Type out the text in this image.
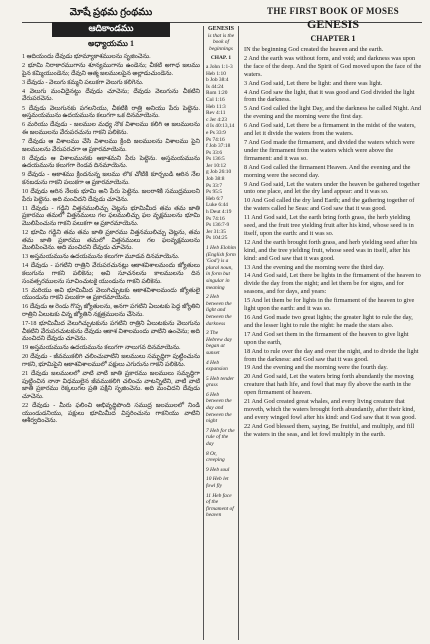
మోషే ప్రథమ గ్రంథము
ఆదికాండము
అధ్యాయము 1

1 ఆదియందు దేవుడు భూమ్యాకాశములను సృజించెను.

2 భూమి నిరాకారముగాను శూన్యముగాను ఉండెను; చీకటి అగాధ జలము పైన కమ్మియుండెను; దేవుని ఆత్మ జలములపైన అల్లాడుచుండెను.

3 దేవుడు - వెలుగు కమ్మని పలుకగా వెలుగు కలిగెను.

4 వెలుగు మంచిదైనట్టు దేవుడు చూచెను; దేవుడు వెలుగును చీకటిని వేరుపరచెను.

5 దేవుడు వెలుగునకు పగలనియు, చీకటికి రాత్రి అనియు పేరు పెట్టెను. అస్తమయమును ఉదయమును కలుగగా ఒక దినమాయెను.

6 మరియు దేవుడు - జలముల మధ్య నొక విశాలము కలిగి ఆ జలములను ఈ జలములను వేరుపరచును గాకని పలికెను.

7 దేవుడు ఆ విశాలము చేసి విశాలము క్రింది జలములను విశాలము పైని జలములను వేరుపరచగా ఆ ప్రకారమాయెను.

8 దేవుడు ఆ విశాలమునకు ఆకాశమని పేరు పెట్టెను. అస్తమయమును ఉదయమును కలుగగా రెండవ దినమాయెను.

9 దేవుడు - ఆకాశము క్రిందనున్న జలము లొక చోటికి కూర్చబడి ఆరిన నేల కనబడును గాకని పలుకగా ఆ ప్రకారమాయెను.

10 దేవుడు ఆరిన నేలకు భూమి అని పేరు పెట్టెను. జలరాశికి సముద్రములని పేరు పెట్టెను. అది మంచిదని దేవుడు చూచెను.

11 దేవుడు - గడ్డిని విత్తనములిచ్చు చెట్లను భూమిమీద తమ తమ జాతి ప్రకారము తమలో విత్తనములు గల ఫలములిచ్చు ఫల వృక్షములను భూమి మొలిపించును గాకని పలుకగా ఆ ప్రకారమాయెను.

12 భూమి గడ్డిని తమ తమ జాతి ప్రకారము విత్తనములిచ్చు చెట్లను, తమ తమ జాతి ప్రకారము తమలో విత్తనములు గల ఫలవృక్షములను మొలిపించెను. అది మంచిదని దేవుడు చూచెను.

13 అస్తమయమును ఉదయమును కలుగగా మూడవ దినమాయెను.

14 దేవుడు - పగటిని రాత్రిని వేరుపరచునట్లు ఆకాశవిశాలమందు జ్యోతులు కలుగును గాకని పలికెను; అవి సూచనలను కాలములను దిన సంవత్సరములను సూచించుటకై యుండును గాకని పలికెను.

15 మరియు అవి భూమిమీద వెలుగిచ్చుటకు ఆకాశవిశాలమందు జ్యోతులై యుండును గాకని పలుకగా ఆ ప్రకారమాయెను.

16 దేవుడు ఆ రెండు గొప్ప జ్యోతులను, అనగా పగటిని ఏలుటకు పెద్ద జ్యోతిని రాత్రిని ఏలుటకు చిన్న జ్యోతిని నక్షత్రములను చేసెను.

17-18 భూమిమీద వెలుగిచ్చుటకును పగటిని రాత్రిని ఏలుటకును వెలుగును చీకటిని వేరుపరచుటకును దేవుడు ఆకాశ విశాలమందు వాటిని ఉంచెను; అది మంచిదని దేవుడు చూచెను.

19 అస్తమయమును ఉదయమును కలుగగా నాలుగవ దినమాయెను.

20 దేవుడు - జీవముకలిగి చలించువాటిని జలములు సమృద్ధిగా పుట్టించును గాకని, భూమిపైని ఆకాశవిశాలములో పక్షులు ఎగురును గాకని పలికెను.

21 దేవుడు జలములలో వాటి వాటి జాతి ప్రకారము జలములు సమృద్ధిగా పుట్టించిన నానా విధములైన జీవముకలిగి చలించు వాటన్నిటిని, వాటి వాటి జాతి ప్రకారము రెక్కలుగల ప్రతి పక్షిని సృజించెను. అది మంచిదని దేవుడు చూచెను.

22 దేవుడు - మీరు ఫలించి అభివృద్ధిపొంది సముద్ర జలములలో నిండి యుండుడనియు, పక్షులు భూమిమీద విస్తరించును గాకనియు వాటిని ఆశీర్వదించెను.

GENESIS
is that is the book of beginnings
CHAP. 1
a John 1:1-3
Heb 1:10
b Job 38:4
Is 44:24
Rom 1:20
Col 1:16
Heb 11:3
Rev 4:11
c Jer 4:23
d Is 40:13,14
e Ps 33:9
Ps 74:16
f Job 37:18
Ps 33:6
Ps 136:5
Jer 10:12
g Job 26:10
Job 38:8
Ps 33:7
Ps 95:5
Heb 6:7
Luke 6:44
h Deut 4:19
Ps 74:16
Ps 136:7-9
Jer 31:35
Ps 104:25
1 Heb Elohim (English form 'God') is a plural noun, in form but singular in meaning
2 Heb between the light and between the darkness
3 The Hebrew day began at sunset
4 Heb expansion
5 Heb tender grass
6 Heb between the day and between the night
7 Heb for the rule of the day
8 Or, creeping
9 Heb soul
10 Heb let fowl fly
11 Heb face of the firmament of heaven
THE FIRST BOOK OF MOSES
GENESIS
CHAPTER 1

IN the beginning God created the heaven and the earth.

2 And the earth was without form, and void; and darkness was upon the face of the deep. And the Spirit of God moved upon the face of the waters.

3 And God said, Let there be light: and there was light.

4 And God saw the light, that it was good and God divided the light from the darkness.

5 And God called the light Day, and the darkness he called Night. And the evening and the morning were the first day.

6 And God said, Let there be a firmament in the midst of the waters, and let it divide the waters from the waters.

7 And God made the firmament, and divided the waters which were under the firmament from the waters which were above the firmament: and it was so.

8 And God called the firmament Heaven. And the evening and the morning were the second day.

9 And God said, Let the waters under the heaven be gathered together unto one place, and let the dry land appear: and it was so.

10 And God called the dry land Earth; and the gathering together of the waters called he Seas: and God saw that it was good.

11 And God said, Let the earth bring forth grass, the herb yielding seed, and the fruit tree yielding fruit after his kind, whose seed is in itself, upon the earth: and it was so.

12 And the earth brought forth grass, and herb yielding seed after his kind, and the tree yielding fruit, whose seed was in itself, after his kind: and God saw that it was good.

13 And the evening and the morning were the third day.

14 And God said, Let there be lights in the firmament of the heaven to divide the day from the night; and let them be for signs, and for seasons, and for days, and years:

15 And let them be for lights in the firmament of the heaven to give light upon the earth: and it was so.

16 And God made two great lights; the greater light to rule the day, and the lesser light to rule the night: he made the stars also.

17 And God set them in the firmament of the heaven to give light upon the earth,

18 And to rule over the day and over the night, and to divide the light from the darkness: and God saw that it was good.

19 And the evening and the morning were the fourth day.

20 And God said, Let the waters bring forth abundantly the moving creature that hath life, and fowl that may fly above the earth in the open firmament of heaven.

21 And God created great whales, and every living creature that moveth, which the waters brought forth abundantly, after their kind, and every winged fowl after his kind: and God saw that it was good.

22 And God blessed them, saying, Be fruitful, and multiply, and fill the waters in the seas, and let fowl multiply in the earth.
